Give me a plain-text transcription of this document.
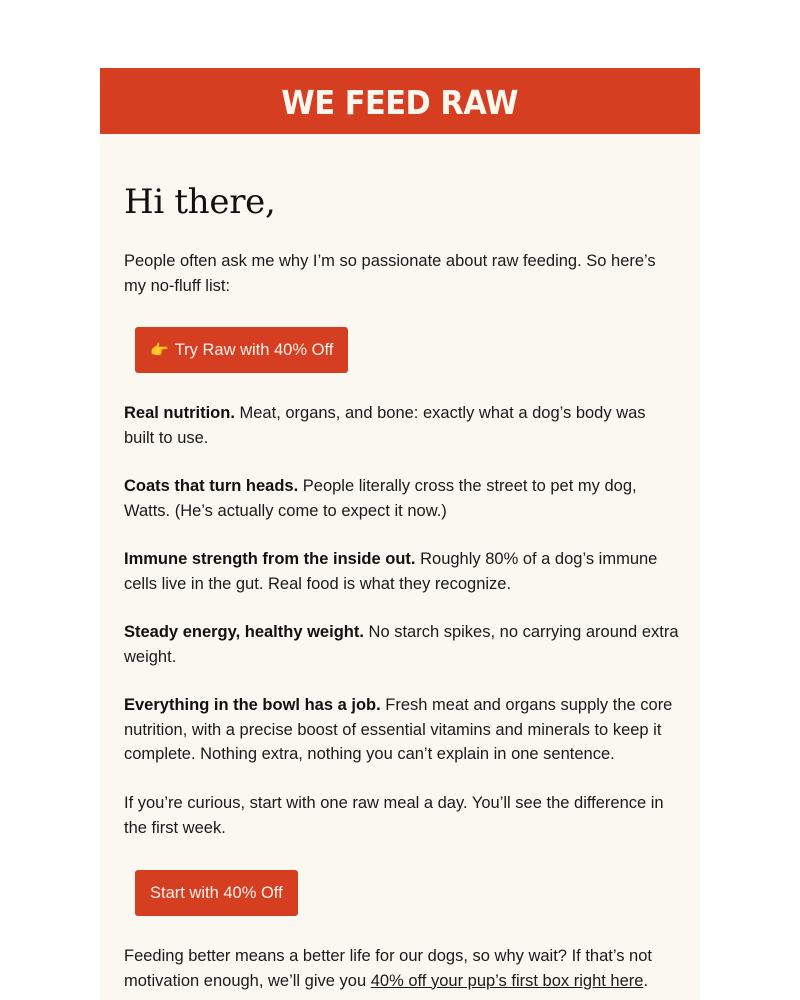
WE FEED RAW
Hi there,

People often ask me why I’m so passionate about raw feeding. So here’s my no-fluff list:

👉 Try Raw with 40% Off

Real nutrition. Meat, organs, and bone: exactly what a dog’s body was built to use.

Coats that turn heads. People literally cross the street to pet my dog, Watts. (He’s actually come to expect it now.)

Immune strength from the inside out. Roughly 80% of a dog’s immune cells live in the gut. Real food is what they recognize.

Steady energy, healthy weight. No starch spikes, no carrying around extra weight.

Everything in the bowl has a job. Fresh meat and organs supply the core nutrition, with a precise boost of essential vitamins and minerals to keep it complete. Nothing extra, nothing you can’t explain in one sentence.

If you’re curious, start with one raw meal a day. You’ll see the difference in the first week.

Start with 40% Off

Feeding better means a better life for our dogs, so why wait? If that’s not motivation enough, we’ll give you 40% off your pup’s first box right here.
